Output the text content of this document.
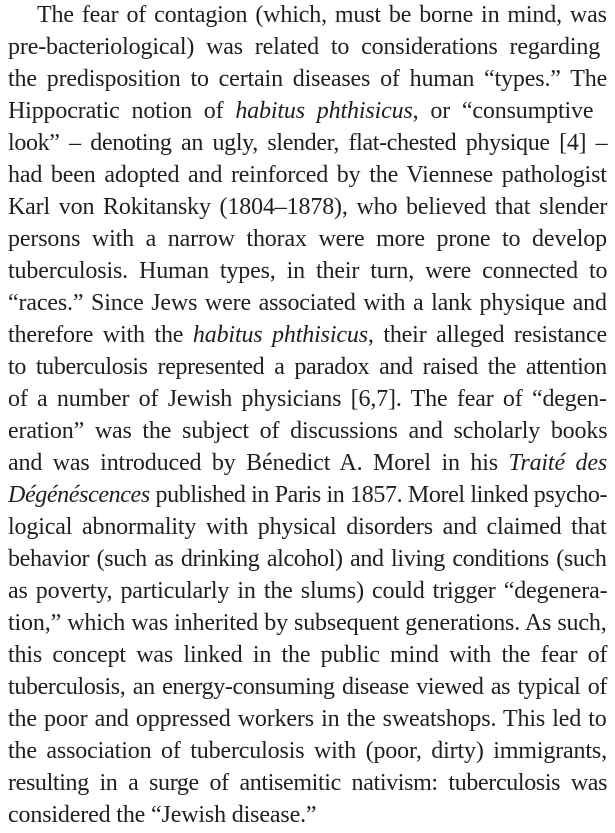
The fear of contagion (which, must be borne in mind, was
pre-bacteriological) was related to considerations regarding
the predisposition to certain diseases of human “types.” The
Hippocratic notion of habitus phthisicus, or “consumptive
look” – denoting an ugly, slender, flat-chested physique [4] –
had been adopted and reinforced by the Viennese pathologist
Karl von Rokitansky (1804–1878), who believed that slender
persons with a narrow thorax were more prone to develop
tuberculosis. Human types, in their turn, were connected to
“races.” Since Jews were associated with a lank physique and
therefore with the habitus phthisicus, their alleged resistance
to tuberculosis represented a paradox and raised the attention
of a number of Jewish physicians [6,7]. The fear of “degen-
eration” was the subject of discussions and scholarly books
and was introduced by Bénedict A. Morel in his Traité des
Dégénéscences published in Paris in 1857. Morel linked psycho-
logical abnormality with physical disorders and claimed that
behavior (such as drinking alcohol) and living conditions (such
as poverty, particularly in the slums) could trigger “degenera-
tion,” which was inherited by subsequent generations. As such,
this concept was linked in the public mind with the fear of
tuberculosis, an energy-consuming disease viewed as typical of
the poor and oppressed workers in the sweatshops. This led to
the association of tuberculosis with (poor, dirty) immigrants,
resulting in a surge of antisemitic nativism: tuberculosis was
considered the “Jewish disease.”
